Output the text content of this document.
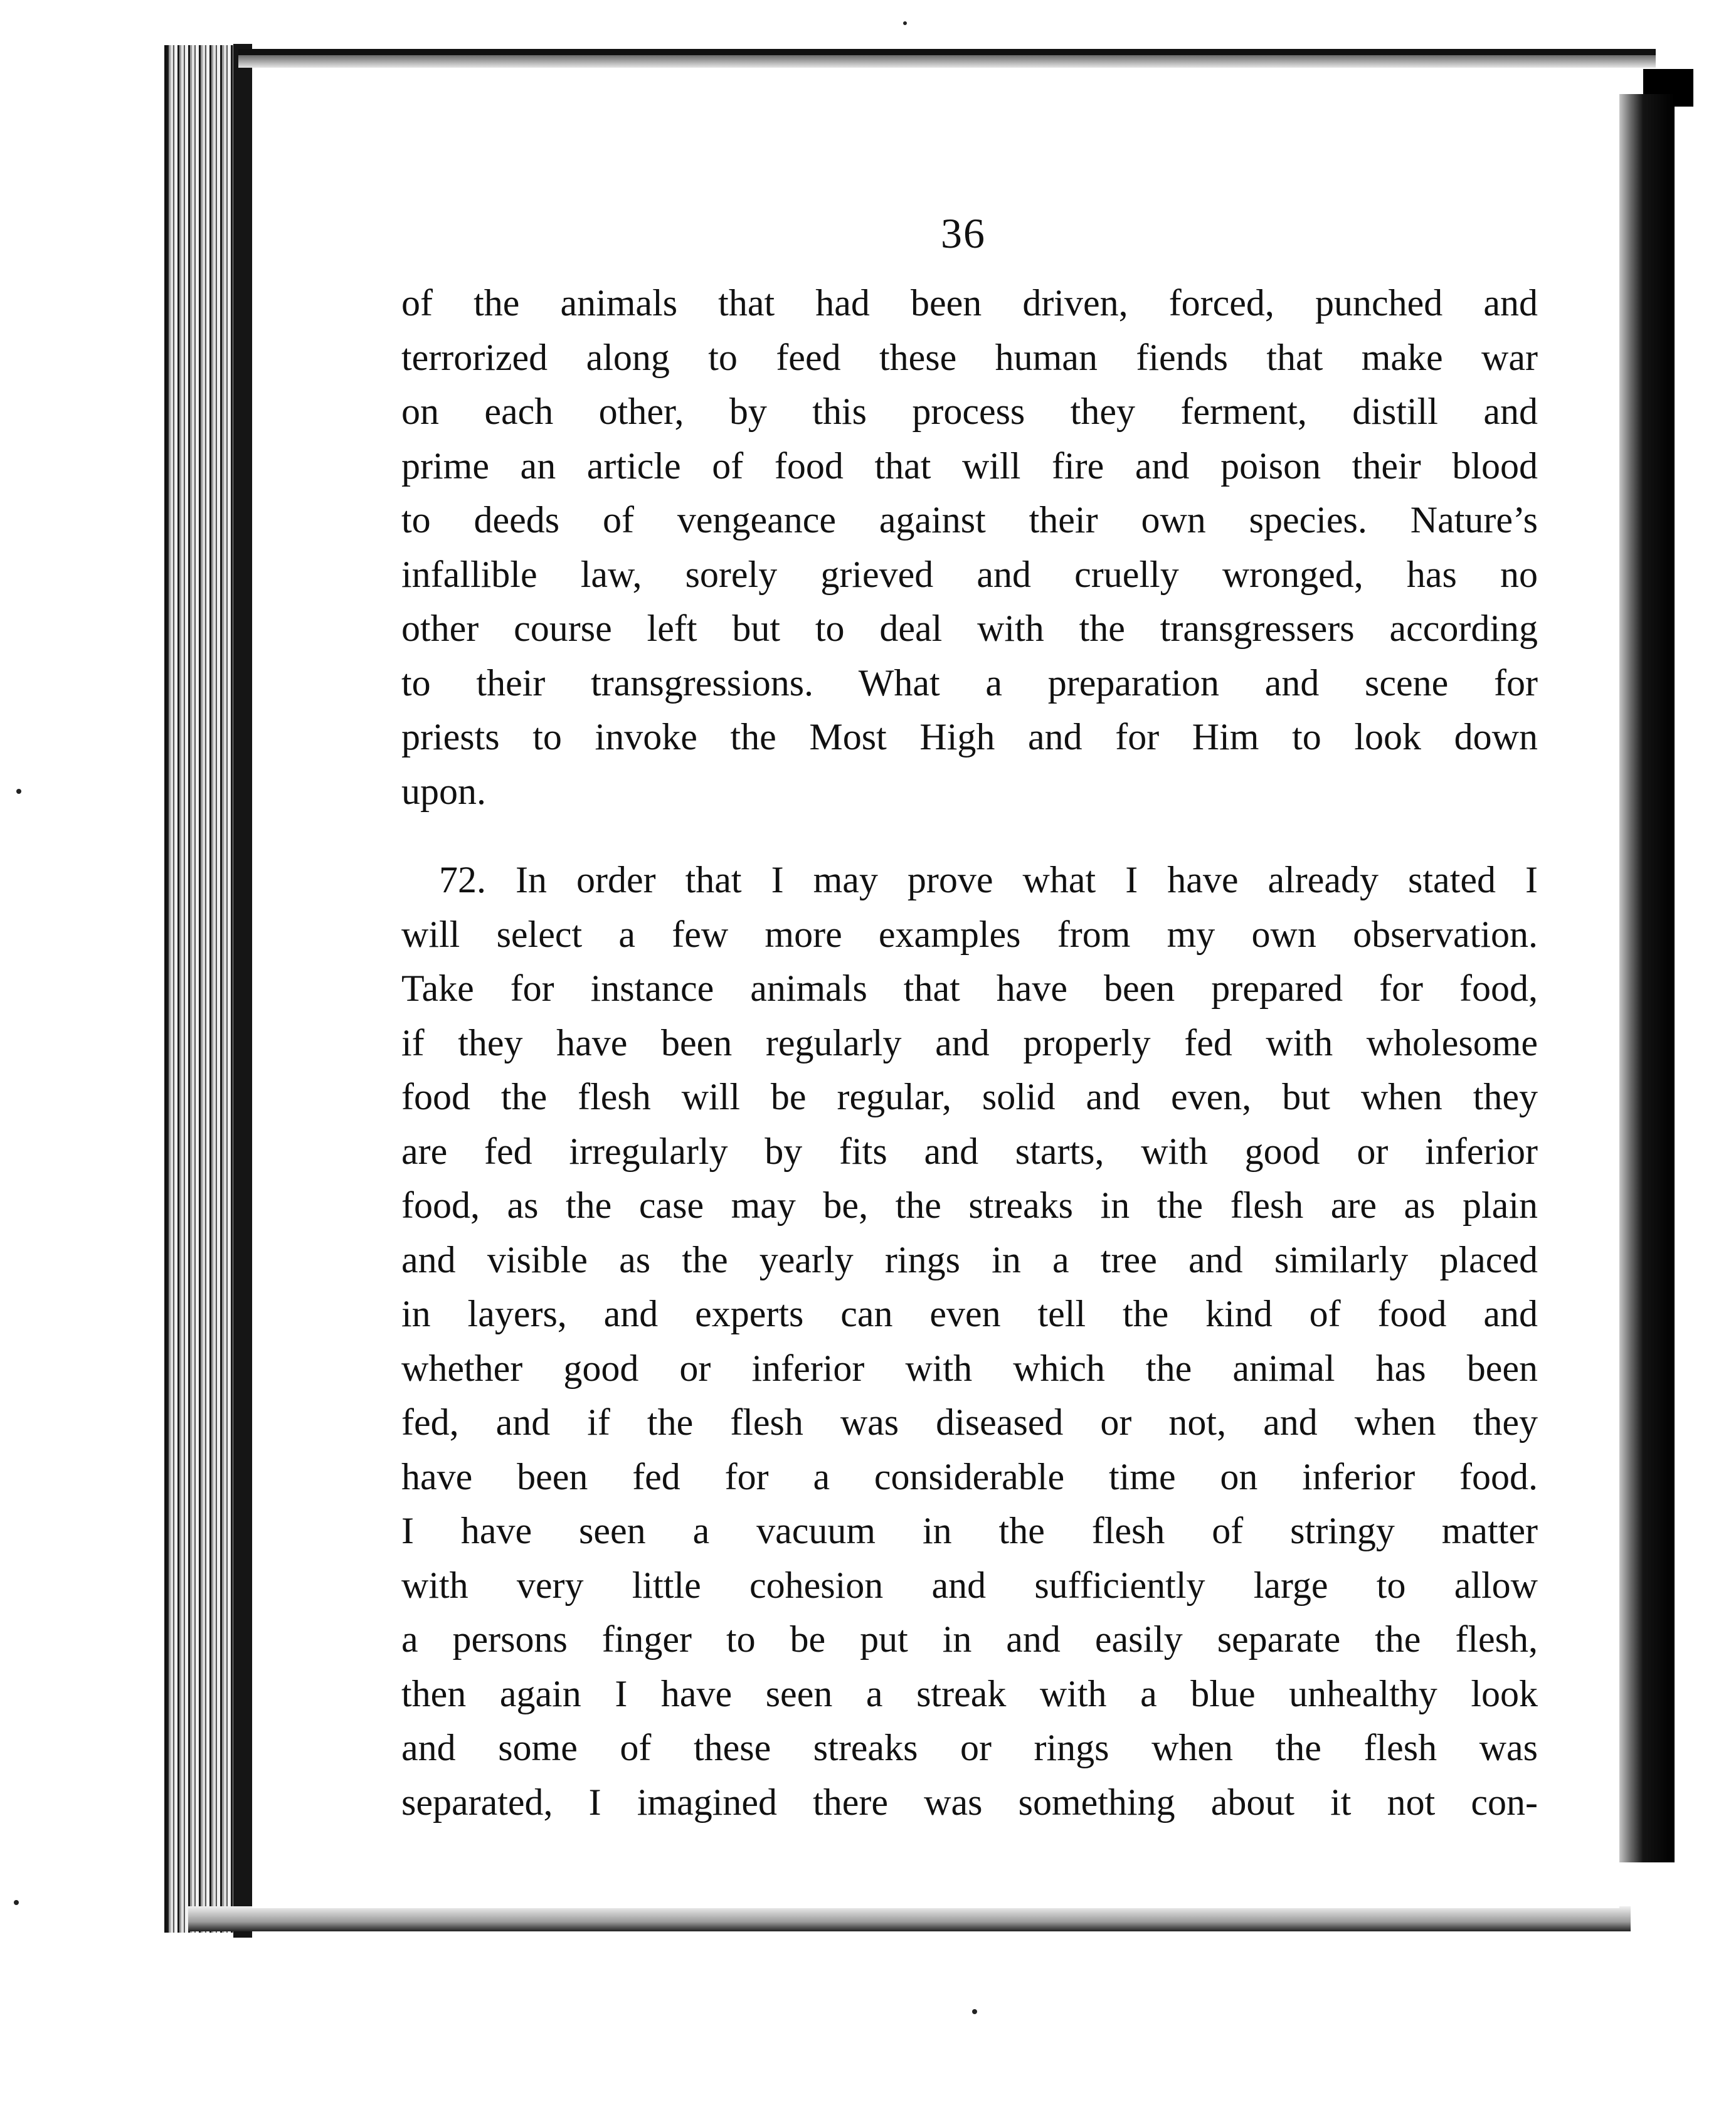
36
of the animals that had been driven, forced, punched and
terrorized along to feed these human fiends that make war
on each other, by this process they ferment, distill and
prime an article of food that will fire and poison their blood
to deeds of vengeance against their own species. Nature’s
infallible law, sorely grieved and cruelly wronged, has no
other course left but to deal with the transgressers according
to their transgressions. What a preparation and scene for
priests to invoke the Most High and for Him to look down
upon.
72. In order that I may prove what I have already stated I
will select a few more examples from my own observation.
Take for instance animals that have been prepared for food,
if they have been regularly and properly fed with wholesome
food the flesh will be regular, solid and even, but when they
are fed irregularly by fits and starts, with good or inferior
food, as the case may be, the streaks in the flesh are as plain
and visible as the yearly rings in a tree and similarly placed
in layers, and experts can even tell the kind of food and
whether good or inferior with which the animal has been
fed, and if the flesh was diseased or not, and when they
have been fed for a considerable time on inferior food.
I have seen a vacuum in the flesh of stringy matter
with very little cohesion and sufficiently large to allow
a persons finger to be put in and easily separate the flesh,
then again I have seen a streak with a blue unhealthy look
and some of these streaks or rings when the flesh was
separated, I imagined there was something about it not con-
